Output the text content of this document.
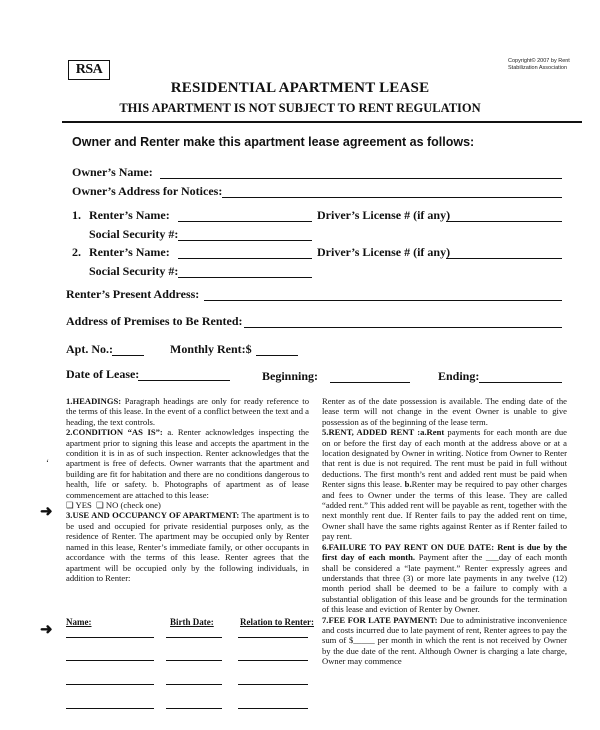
RSA
Copyright© 2007 by Rent
Stabilization Association
RESIDENTIAL APARTMENT LEASE
THIS APARTMENT IS NOT SUBJECT TO RENT REGULATION
Owner and Renter make this apartment lease agreement as follows:
Owner’s Name:
Owner’s Address for Notices:
1. Renter’s Name:	Driver’s License # (if any)
Social Security #:
2. Renter’s Name:	Driver’s License # (if any)
Social Security #:
Renter’s Present Address:
Address of Premises to Be Rented:
Apt. No.:	Monthly Rent:$
Date of Lease:	Beginning:	Ending:

1.HEADINGS: Paragraph headings are only for ready reference to the terms of this lease. In the event of a conflict between the text and a heading, the text controls.

2.CONDITION “AS IS”: a. Renter acknowledges inspecting the apartment prior to signing this lease and accepts the apartment in the condition it is in as of such inspection. Renter acknowledges that the apartment is free of defects. Owner warrants that the apartment and building are fit for habitation and there are no conditions dangerous to health, life or safety. b. Photographs of apartment as of lease commencement are attached to this lease:

❏ YES ❏ NO (check one)

3.USE AND OCCUPANCY OF APARTMENT: The apartment is to be used and occupied for private residential purposes only, as the residence of Renter. The apartment may be occupied only by Renter named in this lease, Renter’s immediate family, or other occupants in accordance with the terms of this lease. Renter agrees that the apartment will be occupied only by the following individuals, in addition to Renter:

➜
➜
‘
Name:	Birth Date:	Relation to Renter:

Renter as of the date possession is available. The ending date of the lease term will not change in the event Owner is unable to give possession as of the beginning of the lease term.

5.RENT, ADDED RENT :a.Rent payments for each month are due on or before the first day of each month at the address above or at a location designated by Owner in writing. Notice from Owner to Renter that rent is due is not required. The rent must be paid in full without deductions. The first month’s rent and added rent must be paid when Renter signs this lease. b.Renter may be required to pay other charges and fees to Owner under the terms of this lease. They are called “added rent.” This added rent will be payable as rent, together with the next monthly rent due. If Renter fails to pay the added rent on time, Owner shall have the same rights against Renter as if Renter failed to pay rent.

6.FAILURE TO PAY RENT ON DUE DATE: Rent is due by the first day of each month. Payment after the ___day of each month shall be considered a “late payment.” Renter expressly agrees and understands that three (3) or more late payments in any twelve (12) month period shall be deemed to be a failure to comply with a substantial obligation of this lease and be grounds for the termination of this lease and eviction of Renter by Owner.

7.FEE FOR LATE PAYMENT: Due to administrative inconvenience and costs incurred due to late payment of rent, Renter agrees to pay the sum of $_____ per month in which the rent is not received by Owner by the due date of the rent. Although Owner is charging a late charge, Owner may commence
